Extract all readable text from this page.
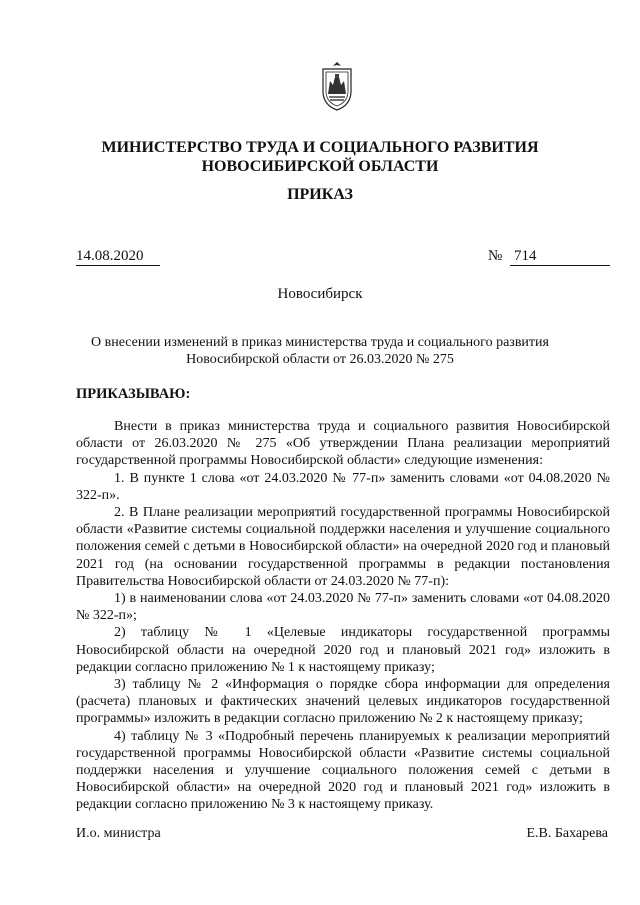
МИНИСТЕРСТВО ТРУДА И СОЦИАЛЬНОГО РАЗВИТИЯ
НОВОСИБИРСКОЙ ОБЛАСТИ
ПРИКАЗ
14.08.2020	№ 714
Новосибирск
О внесении изменений в приказ министерства труда и социального развития
Новосибирской области от 26.03.2020 № 275
ПРИКАЗЫВАЮ:

Внести в приказ министерства труда и социального развития Новосибирской области от 26.03.2020 № 275 «Об утверждении Плана реализации мероприятий государственной программы Новосибирской области» следующие изменения:

1. В пункте 1 слова «от 24.03.2020 № 77-п» заменить словами «от 04.08.2020 № 322-п».

2. В Плане реализации мероприятий государственной программы Новосибирской области «Развитие системы социальной поддержки населения и улучшение социального положения семей с детьми в Новосибирской области» на очередной 2020 год и плановый 2021 год (на основании государственной программы в редакции постановления Правительства Новосибирской области от 24.03.2020 № 77-п):

1) в наименовании слова «от 24.03.2020 № 77-п» заменить словами «от 04.08.2020 № 322-п»;

2) таблицу № 1 «Целевые индикаторы государственной программы Новосибирской области на очередной 2020 год и плановый 2021 год» изложить в редакции согласно приложению № 1 к настоящему приказу;

3) таблицу № 2 «Информация о порядке сбора информации для определения (расчета) плановых и фактических значений целевых индикаторов государственной программы» изложить в редакции согласно приложению № 2 к настоящему приказу;

4) таблицу № 3 «Подробный перечень планируемых к реализации мероприятий государственной программы Новосибирской области «Развитие системы социальной поддержки населения и улучшение социального положения семей с детьми в Новосибирской области» на очередной 2020 год и плановый 2021 год» изложить в редакции согласно приложению № 3 к настоящему приказу.

И.о. министра	Е.В. Бахарева
